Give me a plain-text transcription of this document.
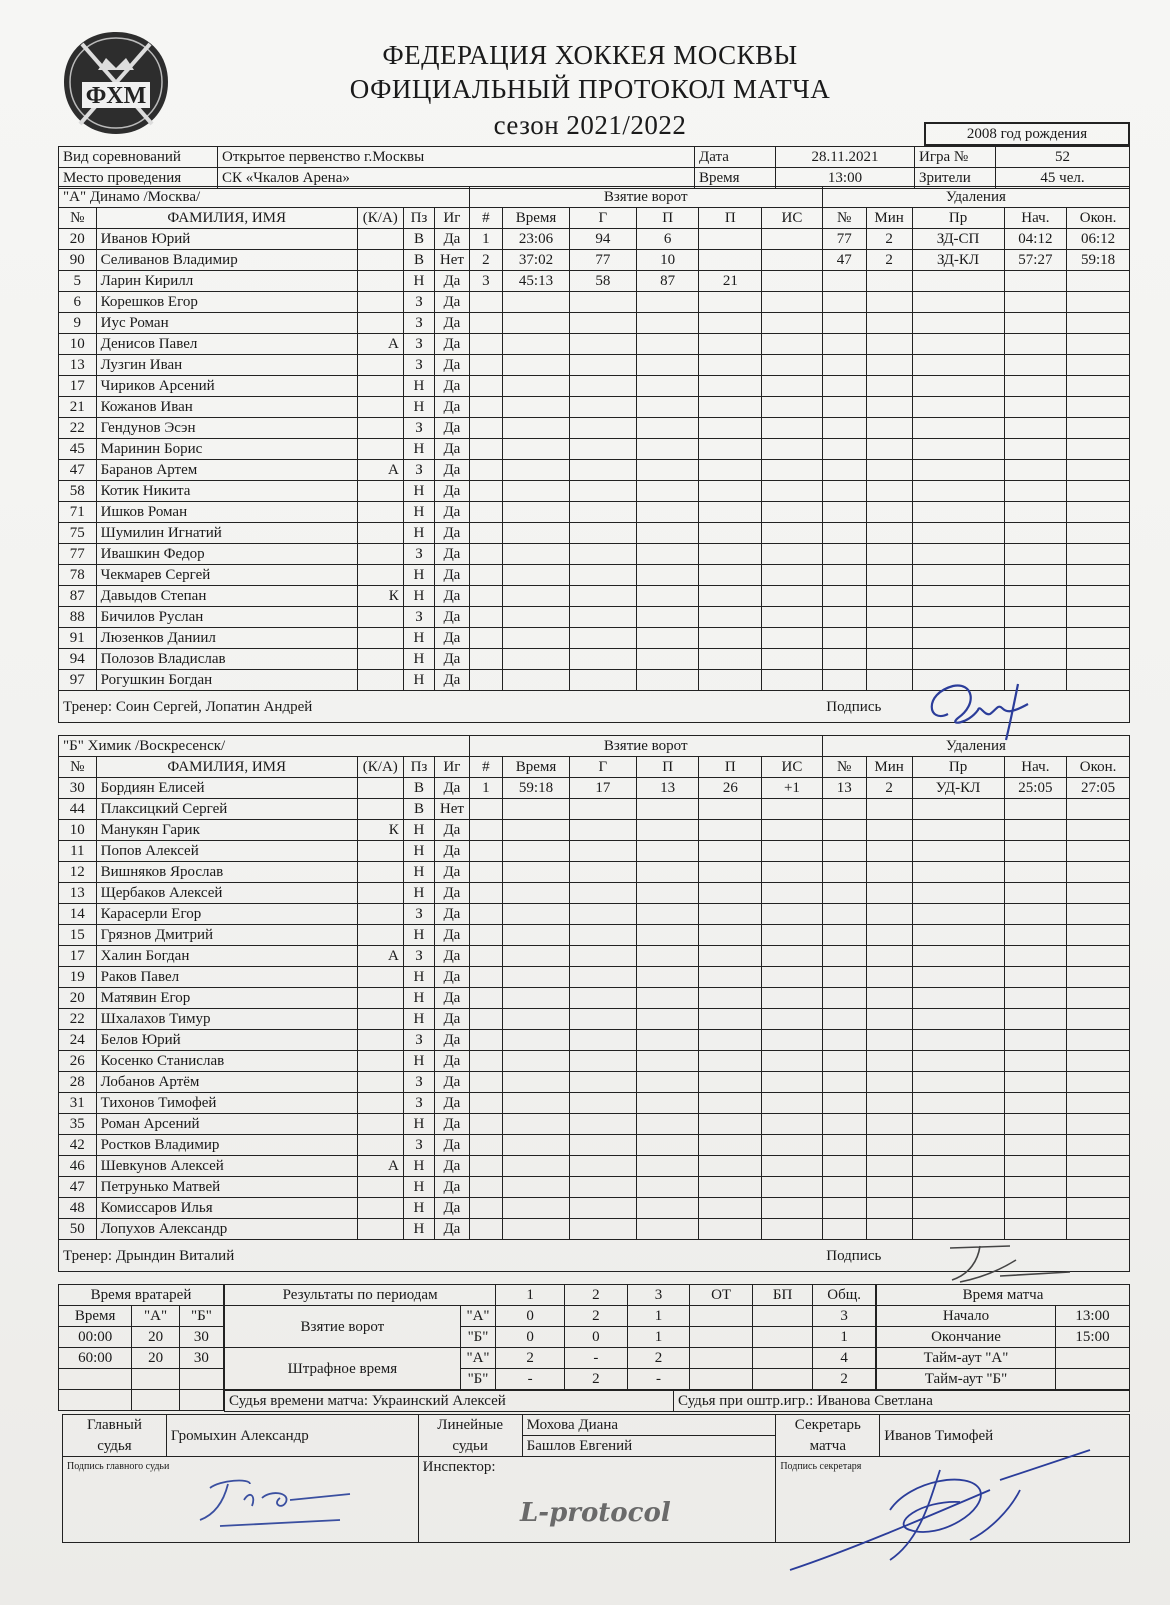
ФХМ
ФЕДЕРАЦИЯ ХОККЕЯ МОСКВЫ
ОФИЦИАЛЬНЫЙ ПРОТОКОЛ МАТЧА
сезон 2021/2022	2008 год рождения
Вид соревнований	Открытое первенство г.Москвы	Дата	28.11.2021	Игра №	52
Место проведения	СК «Чкалов Арена»	Время	13:00	Зрители	45 чел.
"А" Динамо /Москва/					Взятие ворот						Удаления				
№	ФАМИЛИЯ, ИМЯ	(К/А)	Пз	Иг	#	Время	Г	П	П	ИС	№	Мин	Пр	Нач.	Окон.
20	Иванов Юрий		В	Да	1	23:06	94	6			77	2	ЗД-СП	04:12	06:12
90	Селиванов Владимир		В	Нет	2	37:02	77	10			47	2	ЗД-КЛ	57:27	59:18
5	Ларин Кирилл		Н	Да	3	45:13	58	87	21						
6	Корешков Егор		З	Да											
9	Иус Роман		З	Да											
10	Денисов Павел	А	З	Да											
13	Лузгин Иван		З	Да											
17	Чириков Арсений		Н	Да											
21	Кожанов Иван		Н	Да											
22	Гендунов Эсэн		З	Да											
45	Маринин Борис		Н	Да											
47	Баранов Артем	А	З	Да											
58	Котик Никита		Н	Да											
71	Ишков Роман		Н	Да											
75	Шумилин Игнатий		Н	Да											
77	Ивашкин Федор		З	Да											
78	Чекмарев Сергей		Н	Да											
87	Давыдов Степан	К	Н	Да											
88	Бичилов Руслан		З	Да											
91	Люзенков Даниил		Н	Да											
94	Полозов Владислав		Н	Да											
97	Рогушкин Богдан		Н	Да											
Тренер: Соин Сергей, Лопатин Андрей											Подпись				
"Б" Химик /Воскресенск/					Взятие ворот						Удаления				
№	ФАМИЛИЯ, ИМЯ	(К/А)	Пз	Иг	#	Время	Г	П	П	ИС	№	Мин	Пр	Нач.	Окон.
30	Бордиян Елисей		В	Да	1	59:18	17	13	26	+1	13	2	УД-КЛ	25:05	27:05
44	Плаксицкий Сергей		В	Нет											
10	Манукян Гарик	К	Н	Да											
11	Попов Алексей		Н	Да											
12	Вишняков Ярослав		Н	Да											
13	Щербаков Алексей		Н	Да											
14	Карасерли Егор		З	Да											
15	Грязнов Дмитрий		Н	Да											
17	Халин Богдан	А	З	Да											
19	Раков Павел		Н	Да											
20	Матявин Егор		Н	Да											
22	Шхалахов Тимур		Н	Да											
24	Белов Юрий		З	Да											
26	Косенко Станислав		Н	Да											
28	Лобанов Артём		З	Да											
31	Тихонов Тимофей		З	Да											
35	Роман Арсений		Н	Да											
42	Ростков Владимир		З	Да											
46	Шевкунов Алексей	А	Н	Да											
47	Петрунько Матвей		Н	Да											
48	Комиссаров Илья		Н	Да											
50	Лопухов Александр		Н	Да											
Тренер: Дрындин Виталий											Подпись				
Время вратарей		
Время	"А"	"Б"
00:00	20	30
60:00	20	30

Результаты по периодам		1	2	3	ОТ	БП	Общ.
Взятие ворот	"А"	0	2	1			3
	"Б"	0	0	1			1
Штрафное время	"А"	2	-	2			4
	"Б"	-	2	-			2
Время матча	
Начало	13:00
Окончание	15:00
Тайм-аут "А"	
Тайм-аут "Б"	
Судья времени матча: Украинский Алексей	Судья при оштр.игр.: Иванова Светлана
Главный	Громыхин Александр	Линейные	Мохова Диана	Секретарь	Иванов Тимофей
судья		судьи	Башлов Евгений	матча	
Подпись главного судьи		Инспектор:		Подпись секретаря	
L-protocol
